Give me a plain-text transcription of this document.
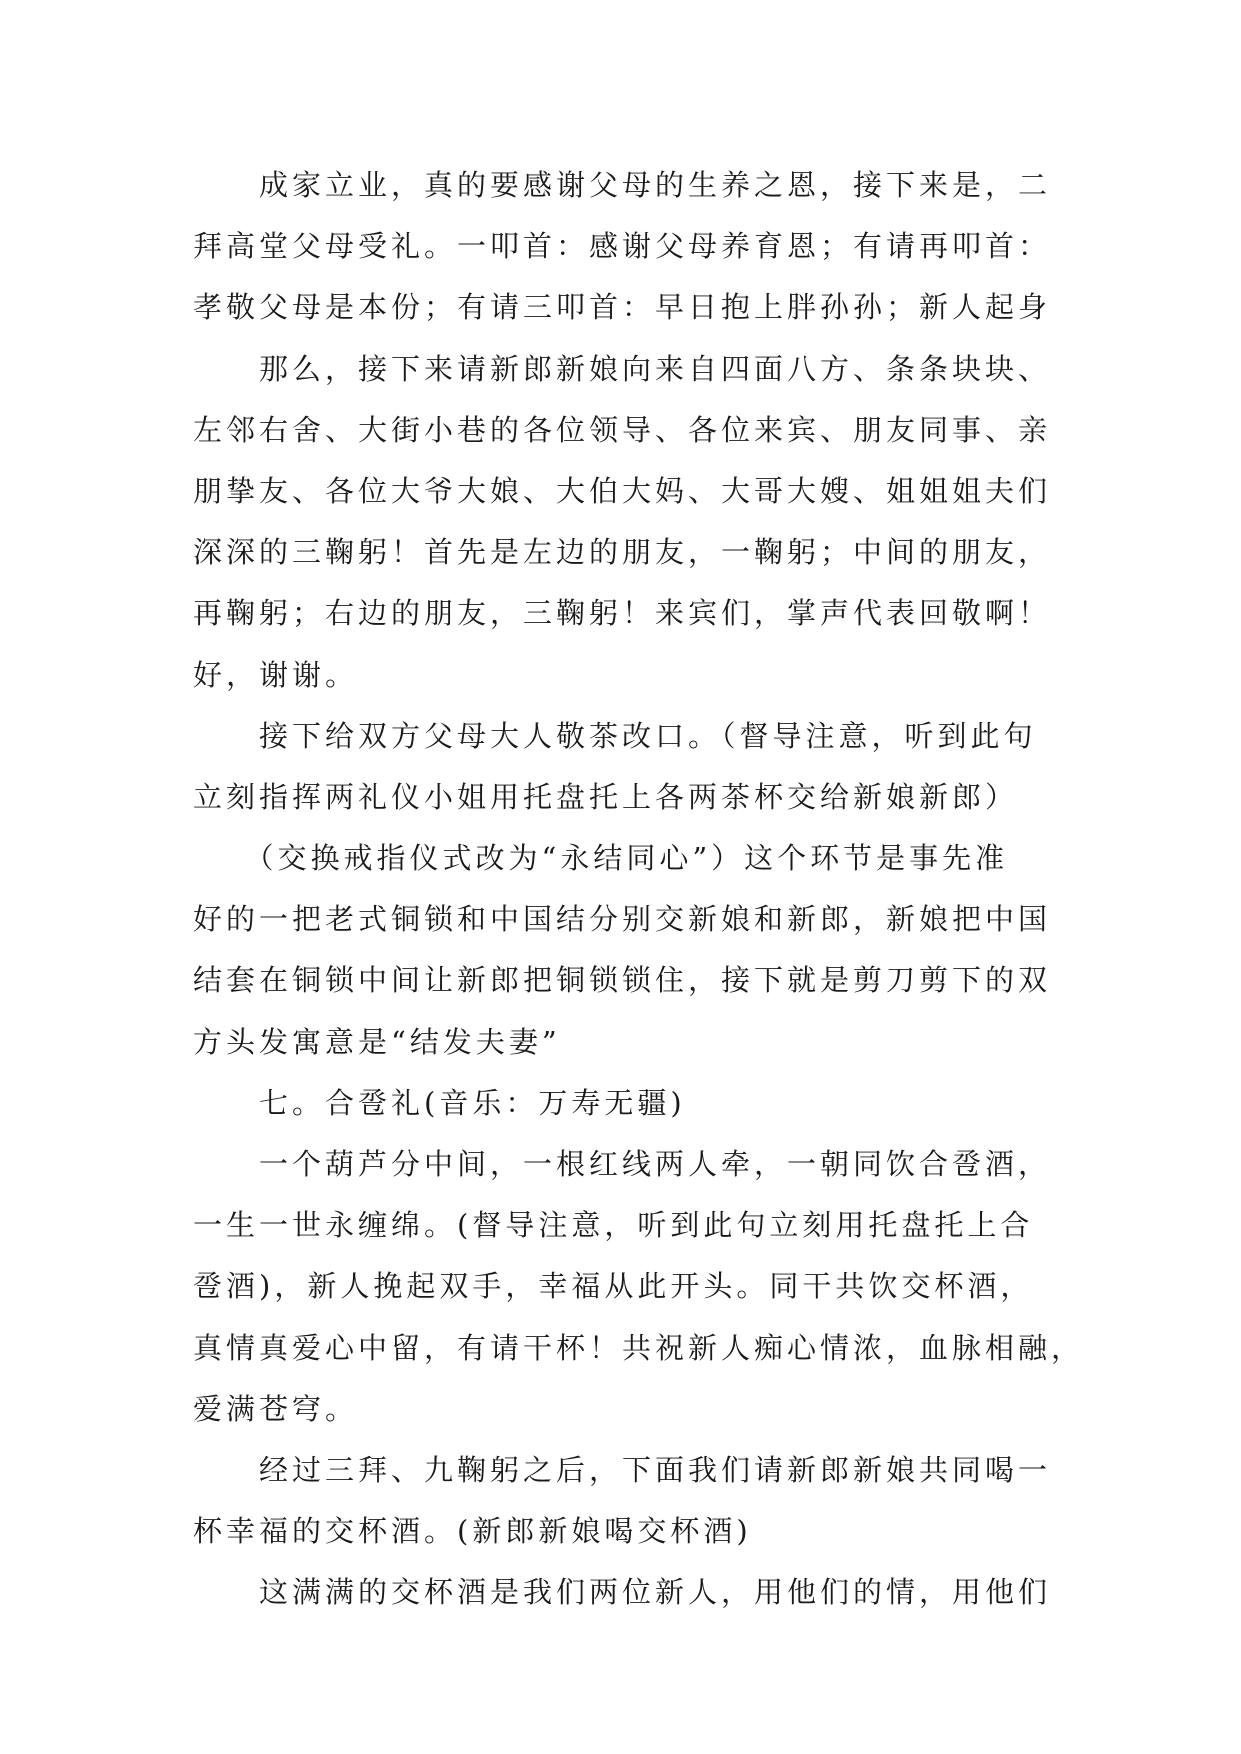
　　成家立业，真的要感谢父母的生养之恩，接下来是，二
拜高堂父母受礼。一叩首：感谢父母养育恩；有请再叩首：
孝敬父母是本份；有请三叩首：早日抱上胖孙孙；新人起身
　　那么，接下来请新郎新娘向来自四面八方、条条块块、
左邻右舍、大街小巷的各位领导、各位来宾、朋友同事、亲
朋挚友、各位大爷大娘、大伯大妈、大哥大嫂、姐姐姐夫们
深深的三鞠躬！首先是左边的朋友，一鞠躬；中间的朋友，
再鞠躬；右边的朋友，三鞠躬！来宾们，掌声代表回敬啊！
好，谢谢。
　　接下给双方父母大人敬茶改口。（督导注意，听到此句
立刻指挥两礼仪小姐用托盘托上各两茶杯交给新娘新郎）
　　（交换戒指仪式改为“永结同心”）这个环节是事先准
好的一把老式铜锁和中国结分别交新娘和新郎，新娘把中国
结套在铜锁中间让新郎把铜锁锁住，接下就是剪刀剪下的双
方头发寓意是“结发夫妻”
　　七。合卺礼(音乐：万寿无疆)
　　一个葫芦分中间，一根红线两人牵，一朝同饮合卺酒，
一生一世永缠绵。(督导注意，听到此句立刻用托盘托上合
卺酒)，新人挽起双手，幸福从此开头。同干共饮交杯酒，
真情真爱心中留，有请干杯！共祝新人痴心情浓，血脉相融，
爱满苍穹。
　　经过三拜、九鞠躬之后，下面我们请新郎新娘共同喝一
杯幸福的交杯酒。(新郎新娘喝交杯酒)
　　这满满的交杯酒是我们两位新人，用他们的情，用他们
